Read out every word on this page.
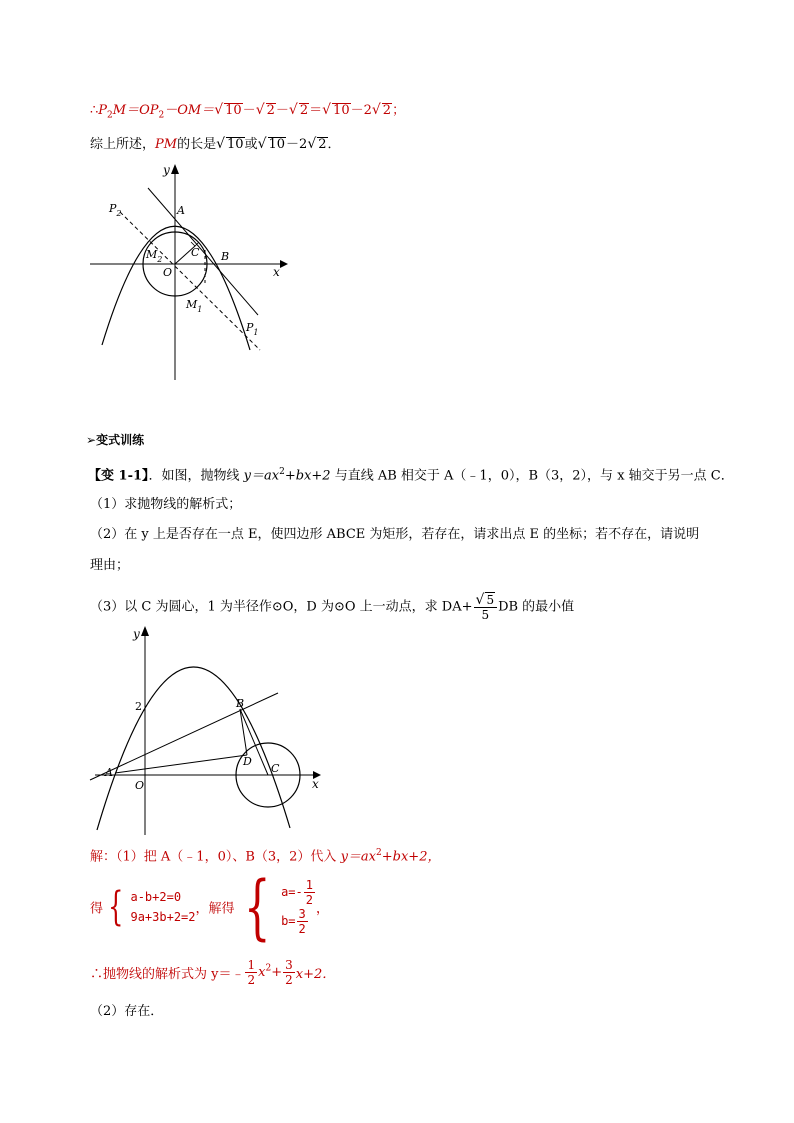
$\therefore P_2M=OP_2-OM=√$ 10－√ 2－√ 2＝√ 10－2√ 2；
综上所述，PM的长是√ 10或√ 10－2√ 2．
y
x
A
B
C
O
$P_2$
$M_2$
$M_1$
$P_1$
➢变式训练
【变 1-1】．如图，抛物线 $y=ax^2+bx+2$ 与直线 AB 相交于 A（﹣1，0），B（3，2），与 x 轴交于另一点 C．
（1）求抛物线的解析式；
（2）在 y 上是否存在一点 E，使四边形 ABCE 为矩形，若存在，请求出点 E 的坐标；若不存在，请说明
理由；
（3）以 C 为圆心，1 为半径作⊙O，D 为⊙O 上一动点，求 $DA+ \frac{√ 5}{5}$ DB 的最小值
y
x
2
A
B
C
D
O
解：（1）把 A（﹣1，0）、B（3，2）代入 $y=ax^2+bx+2$，
得 { a-b+2=0
9a+3b+2=2
，解得 { $a=- \frac{1}{2}$
$b= \frac{3}{2}$ ，
∴抛物线的解析式为 y＝﹣ $\frac{1}{2} x^2+ \frac{3}{2} x+2$．
（2）存在．
